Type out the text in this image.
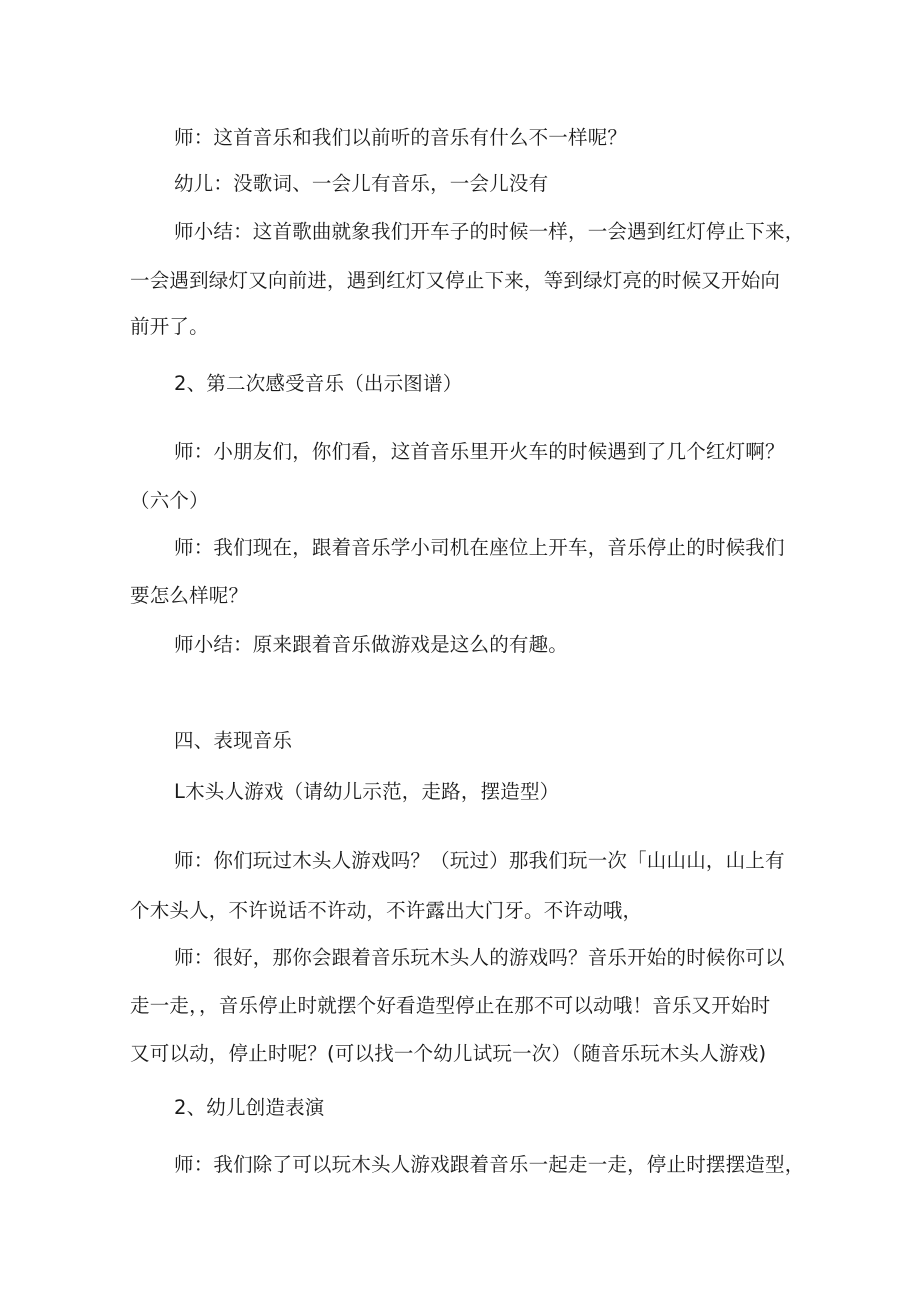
师：这首音乐和我们以前听的音乐有什么不一样呢？
幼儿：没歌词、一会儿有音乐，一会儿没有
师小结：这首歌曲就象我们开车子的时候一样，一会遇到红灯停止下来，
一会遇到绿灯又向前进，遇到红灯又停止下来，等到绿灯亮的时候又开始向
前开了。
2、第二次感受音乐（出示图谱）
师：小朋友们，你们看，这首音乐里开火车的时候遇到了几个红灯啊？
（六个）
师：我们现在，跟着音乐学小司机在座位上开车，音乐停止的时候我们
要怎么样呢？
师小结：原来跟着音乐做游戏是这么的有趣。
四、表现音乐
L木头人游戏（请幼儿示范，走路，摆造型）
师：你们玩过木头人游戏吗？（玩过）那我们玩一次「山山山，山上有
个木头人，不许说话不许动，不许露出大门牙。不许动哦，
师：很好，那你会跟着音乐玩木头人的游戏吗？音乐开始的时候你可以
走一走，，音乐停止时就摆个好看造型停止在那不可以动哦！音乐又开始时
又可以动，停止时呢？(可以找一个幼儿试玩一次）（随音乐玩木头人游戏)
2、幼儿创造表演
师：我们除了可以玩木头人游戏跟着音乐一起走一走，停止时摆摆造型，
